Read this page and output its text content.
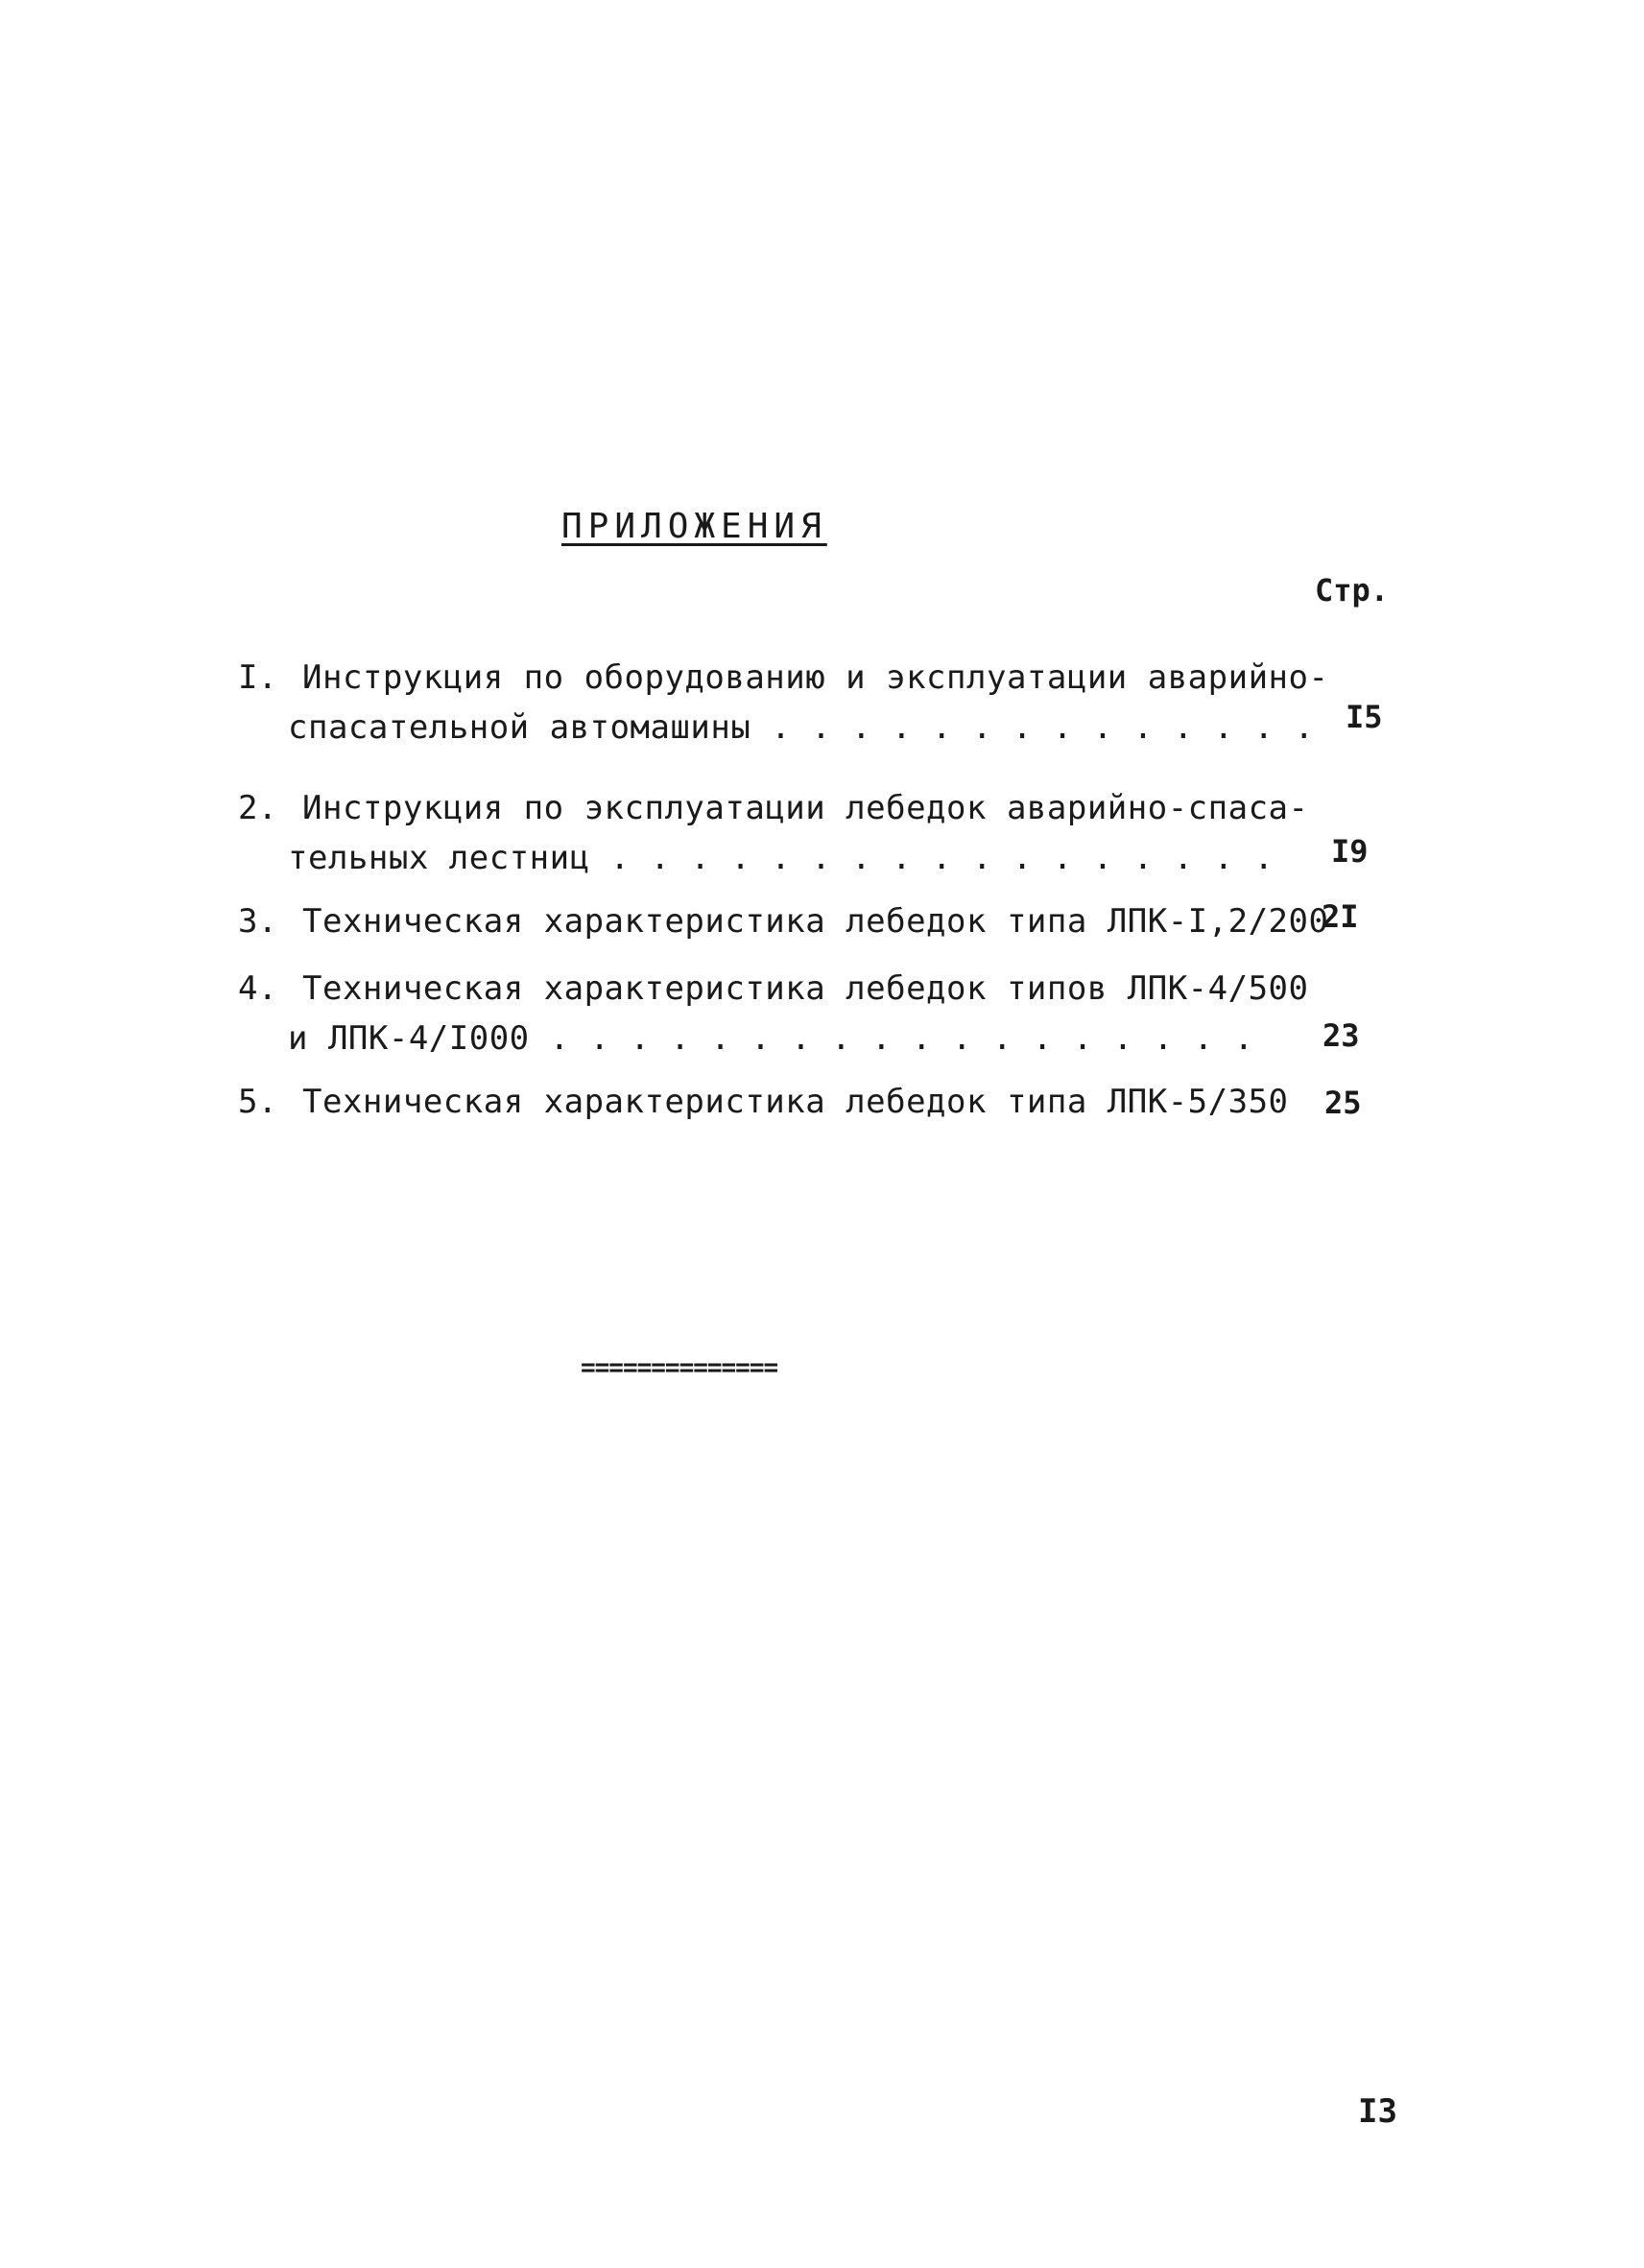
ПРИЛОЖЕНИЯ
Стр.
I. Инструкция по оборудованию и эксплуатации аварийно-
спасательной автомашины . . . . . . . . . . . . . . I5
2. Инструкция по эксплуатации лебедок аварийно-спаса-
тельных лестниц . . . . . . . . . . . . . . . . . I9
3. Техническая характеристика лебедок типа ЛПК-I,2/200
2I
4. Техническая характеристика лебедок типов ЛПК-4/500
и ЛПК-4/I000 . . . . . . . . . . . . . . . . . . 23
5. Техническая характеристика лебедок типа ЛПК-5/350 25
==============
I3
